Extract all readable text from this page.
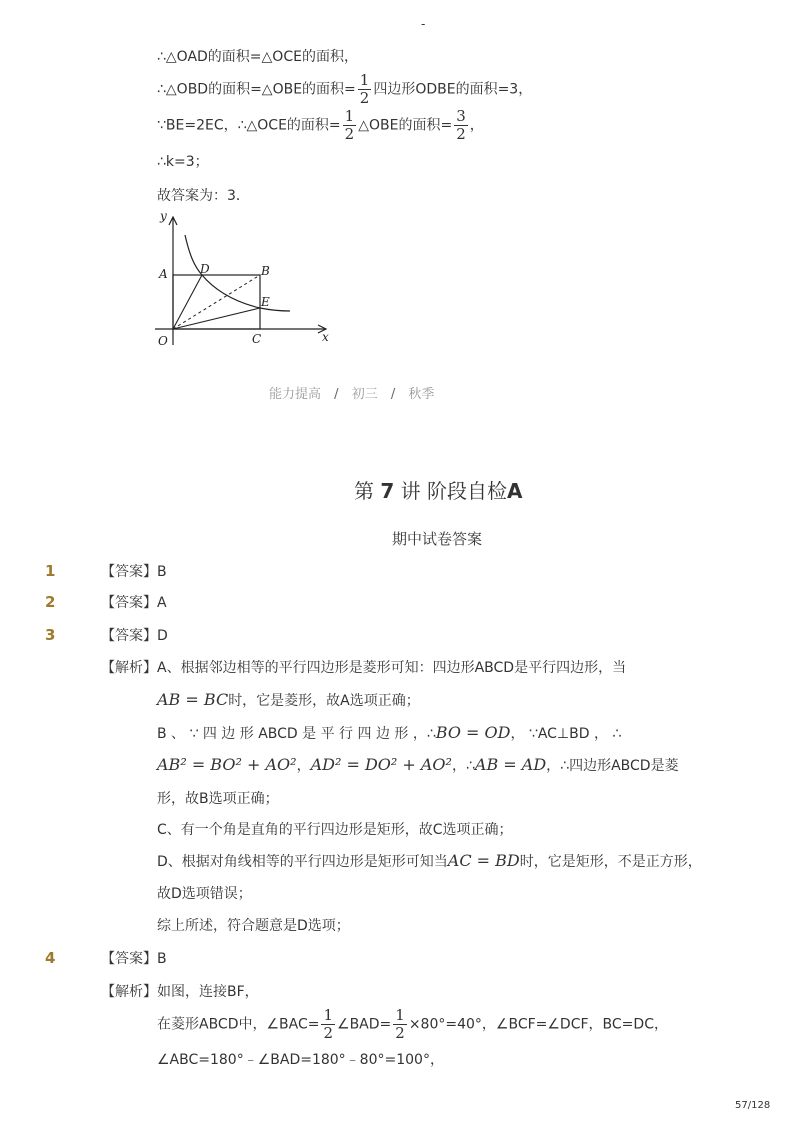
-
∴△OAD的面积=△OCE的面积，
∴△OBD的面积=△OBE的面积= $\frac{1}{2}$ 四边形ODBE的面积=3，
∵BE=2EC，∴△OCE的面积= $\frac{1}{2}$ △OBE的面积= $\frac{3}{2}$ ，
∴k=3；
故答案为：3．
y
x
O
A	D	B
E
C
能力提高 / 初三 / 秋季
第 7 讲 阶段自检A
期中试卷答案
1	【答案】B
2	【答案】A
3	【答案】D
【解析】A、根据邻边相等的平行四边形是菱形可知：四边形ABCD是平行四边形，当
AB = BC时，它是菱形，故A选项正确；
B 、 ∵ 四 边 形 ABCD 是 平 行 四 边 形 ，∴BO = OD， ∵AC⊥BD ， ∴
AB² = BO² + AO²，AD² = DO² + AO²，∴AB = AD，∴四边形ABCD是菱
形，故B选项正确；
C、有一个角是直角的平行四边形是矩形，故C选项正确；
D、根据对角线相等的平行四边形是矩形可知当AC = BD时，它是矩形，不是正方形，
故D选项错误；
综上所述，符合题意是D选项；
4	【答案】B
【解析】如图，连接BF，
在菱形ABCD中，∠BAC= $\frac{1}{2}$ ∠BAD= $\frac{1}{2} \times 80^\circ=40^\circ$，∠BCF=∠DCF，BC=DC，
∠ABC=180°﹣∠BAD=180°﹣80°=100°，
57/128
